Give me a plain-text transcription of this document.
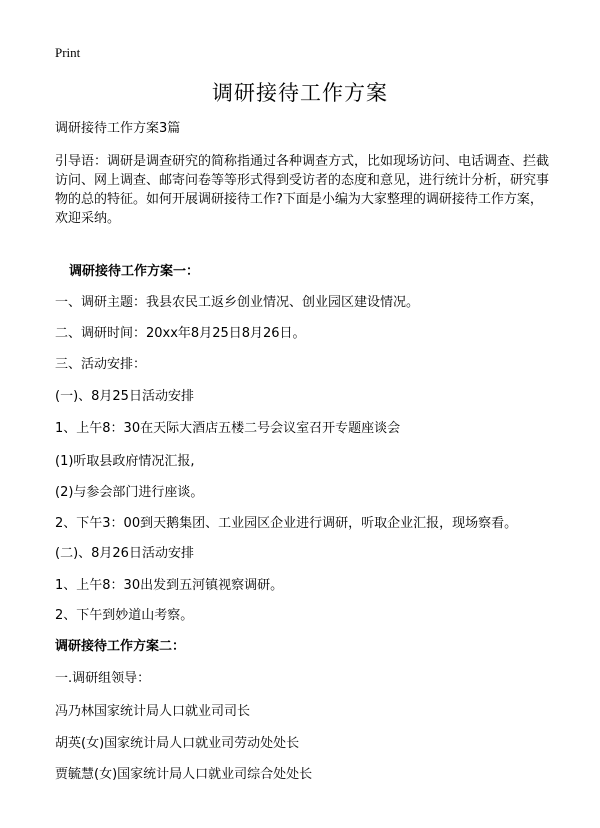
Print
调研接待工作方案
调研接待工作方案3篇

引导语：调研是调查研究的简称指通过各种调查方式，比如现场访问、电话调查、拦截访问、网上调查、邮寄问卷等等形式得到受访者的态度和意见，进行统计分析，研究事物的总的特征。如何开展调研接待工作?下面是小编为大家整理的调研接待工作方案，欢迎采纳。

调研接待工作方案一：
一、调研主题：我县农民工返乡创业情况、创业园区建设情况。
二、调研时间：20xx年8月25日8月26日。
三、活动安排：
(一)、8月25日活动安排
1、上午8：30在天际大酒店五楼二号会议室召开专题座谈会
(1)听取县政府情况汇报,
(2)与参会部门进行座谈。
2、下午3：00到天鹅集团、工业园区企业进行调研，听取企业汇报，现场察看。
(二)、8月26日活动安排
1、上午8：30出发到五河镇视察调研。
2、下午到妙道山考察。
调研接待工作方案二：
一.调研组领导：
冯乃林国家统计局人口就业司司长
胡英(女)国家统计局人口就业司劳动处处长
贾毓慧(女)国家统计局人口就业司综合处处长
